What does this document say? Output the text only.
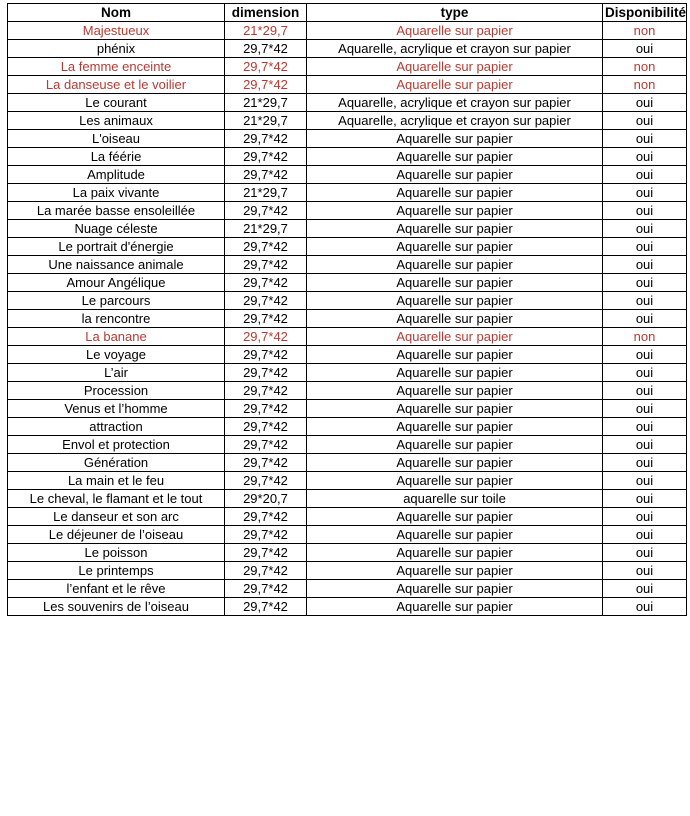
Nom	dimension	type	Disponibilité
Majestueux	21*29,7	Aquarelle sur papier	non
phénix	29,7*42	Aquarelle, acrylique et crayon sur papier	oui
La femme enceinte	29,7*42	Aquarelle sur papier	non
La danseuse et le voilier	29,7*42	Aquarelle sur papier	non
Le courant	21*29,7	Aquarelle, acrylique et crayon sur papier	oui
Les animaux	21*29,7	Aquarelle, acrylique et crayon sur papier	oui
L'oiseau	29,7*42	Aquarelle sur papier	oui
La féérie	29,7*42	Aquarelle sur papier	oui
Amplitude	29,7*42	Aquarelle sur papier	oui
La paix vivante	21*29,7	Aquarelle sur papier	oui
La marée basse ensoleillée	29,7*42	Aquarelle sur papier	oui
Nuage céleste	21*29,7	Aquarelle sur papier	oui
Le portrait d'énergie	29,7*42	Aquarelle sur papier	oui
Une naissance animale	29,7*42	Aquarelle sur papier	oui
Amour Angélique	29,7*42	Aquarelle sur papier	oui
Le parcours	29,7*42	Aquarelle sur papier	oui
la rencontre	29,7*42	Aquarelle sur papier	oui
La banane	29,7*42	Aquarelle sur papier	non
Le voyage	29,7*42	Aquarelle sur papier	oui
L’air	29,7*42	Aquarelle sur papier	oui
Procession	29,7*42	Aquarelle sur papier	oui
Venus et l’homme	29,7*42	Aquarelle sur papier	oui
attraction	29,7*42	Aquarelle sur papier	oui
Envol et protection	29,7*42	Aquarelle sur papier	oui
Génération	29,7*42	Aquarelle sur papier	oui
La main et le feu	29,7*42	Aquarelle sur papier	oui
Le cheval, le flamant et le tout	29*20,7	aquarelle sur toile	oui
Le danseur et son arc	29,7*42	Aquarelle sur papier	oui
Le déjeuner de l’oiseau	29,7*42	Aquarelle sur papier	oui
Le poisson	29,7*42	Aquarelle sur papier	oui
Le printemps	29,7*42	Aquarelle sur papier	oui
l’enfant et le rêve	29,7*42	Aquarelle sur papier	oui
Les souvenirs de l’oiseau	29,7*42	Aquarelle sur papier	oui
